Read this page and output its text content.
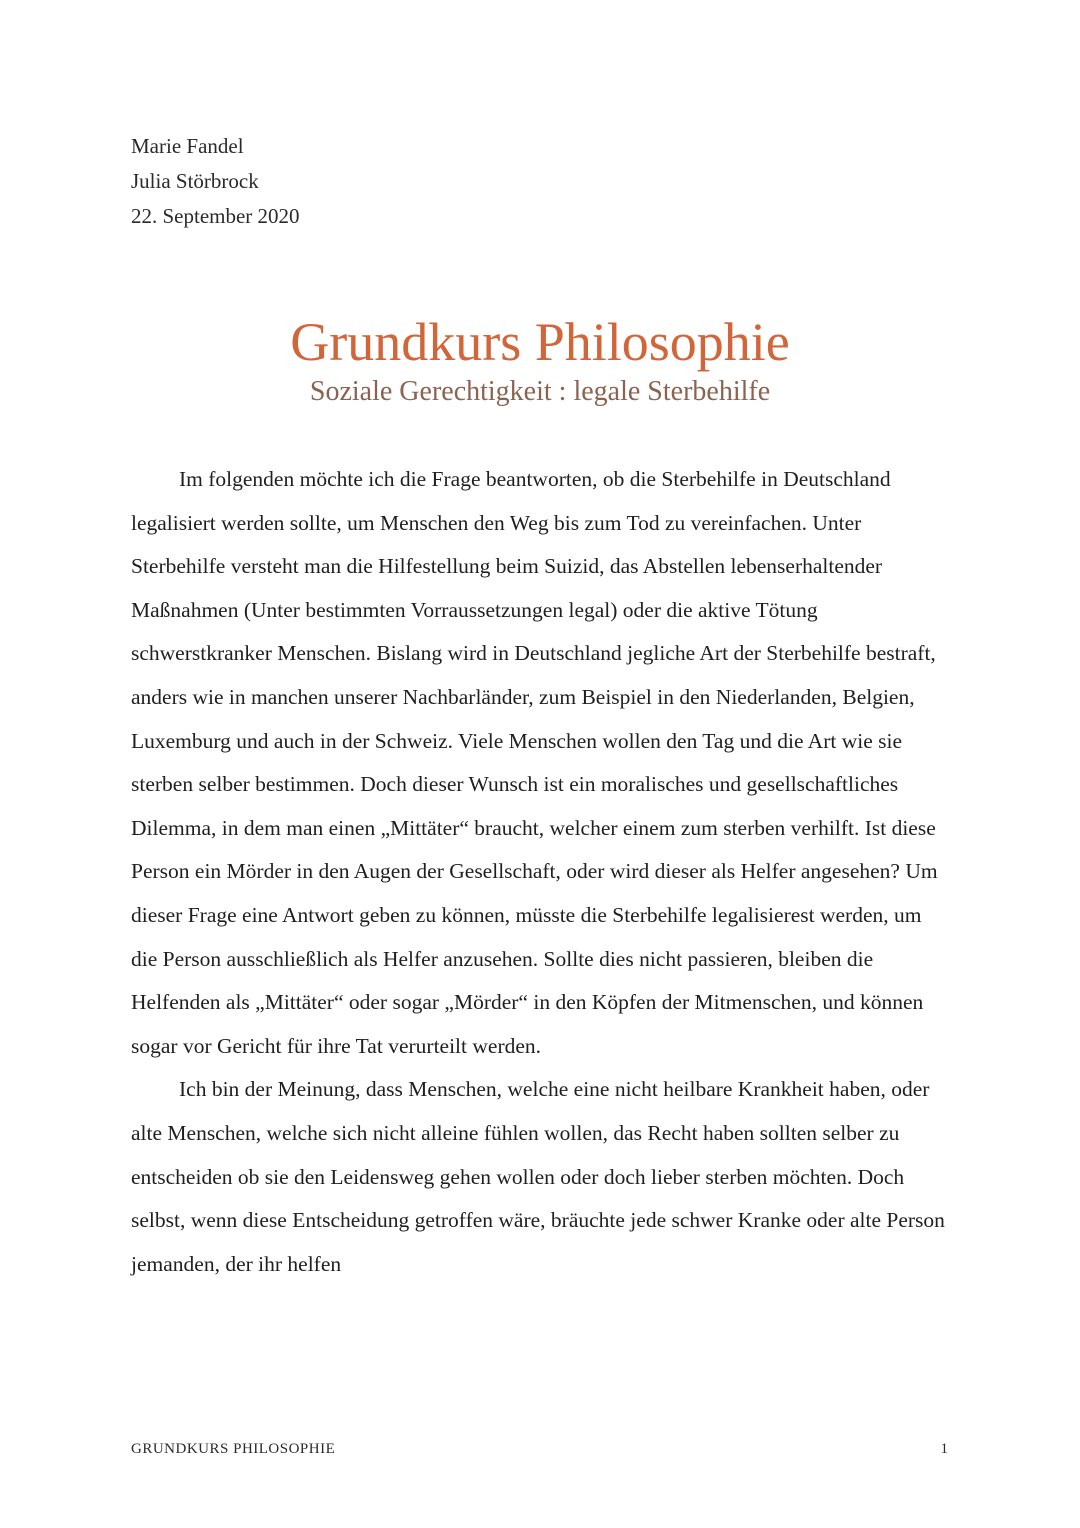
Marie Fandel
Julia Störbrock
22. September 2020
Grundkurs Philosophie
Soziale Gerechtigkeit : legale Sterbehilfe

Im folgenden möchte ich die Frage beantworten, ob die Sterbehilfe in Deutschland legalisiert werden sollte, um Menschen den Weg bis zum Tod zu vereinfachen. Unter Sterbehilfe versteht man die Hilfestellung beim Suizid, das Abstellen lebenserhaltender Maßnahmen (Unter bestimmten Vorraussetzungen legal) oder die aktive Tötung schwerstkranker Menschen. Bislang wird in Deutschland jegliche Art der Sterbehilfe bestraft, anders wie in manchen unserer Nachbarländer, zum Beispiel in den Niederlanden, Belgien, Luxemburg und auch in der Schweiz. Viele Menschen wollen den Tag und die Art wie sie sterben selber bestimmen. Doch dieser Wunsch ist ein moralisches und gesellschaftliches Dilemma, in dem man einen „Mittäter“ braucht, welcher einem zum sterben verhilft. Ist diese Person ein Mörder in den Augen der Gesellschaft, oder wird dieser als Helfer angesehen? Um dieser Frage eine Antwort geben zu können, müsste die Sterbehilfe legalisierest werden, um die Person ausschließlich als Helfer anzusehen. Sollte dies nicht passieren, bleiben die Helfenden als „Mittäter“ oder sogar „Mörder“ in den Köpfen der Mitmenschen, und können sogar vor Gericht für ihre Tat verurteilt werden.

Ich bin der Meinung, dass Menschen, welche eine nicht heilbare Krankheit haben, oder alte Menschen, welche sich nicht alleine fühlen wollen, das Recht haben sollten selber zu entscheiden ob sie den Leidensweg gehen wollen oder doch lieber sterben möchten. Doch selbst, wenn diese Entscheidung getroffen wäre, bräuchte jede schwer Kranke oder alte Person jemanden, der ihr helfen

GRUNDKURS PHILOSOPHIE	1
